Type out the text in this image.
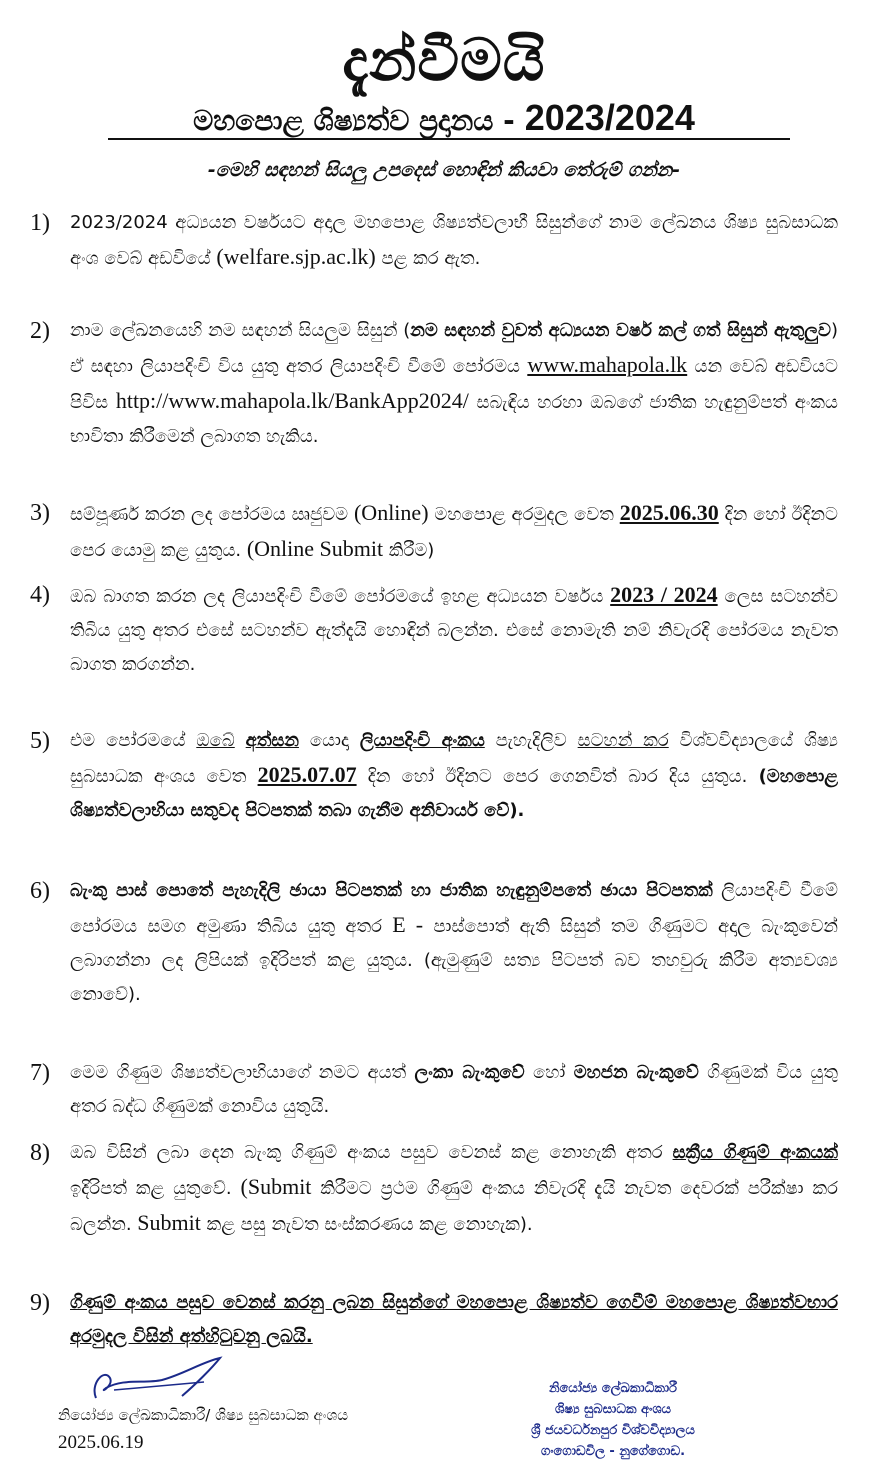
දැන්වීමයි
මහපොළ ශිෂ්‍යත්ව ප්‍රදානය - 2023/2024
-මෙහි සඳහන් සියලු උපදෙස් හොඳින් කියවා තේරුම් ගන්න-
1) 2023/2024 අධ්‍යයන වර්ෂයට අදාල මහපොළ ශිෂ්‍යත්වලාභී සිසුන්ගේ නාම ලේඛනය ශිෂ්‍ය සුබසාධක අංශ වෙබ් අඩවියේ (welfare.sjp.ac.lk) පළ කර ඇත.
2) නාම ලේඛනයෙහි නම සඳහන් සියලුම සිසුන් (නම සඳහන් වුවත් අධ්‍යයන වර්ෂ කල් ගත් සිසුන් ඇතුලුව) ඒ සඳහා ලියාපදිංචි විය යුතු අතර ලියාපදිංචි වීමේ පෝරමය www.mahapola.lk යන වෙබ් අඩවියට පිවිස http://www.mahapola.lk/BankApp2024/ සබැඳිය හරහා ඔබගේ ජාතික හැඳුනුම්පත් අංකය භාවිතා කිරීමෙන් ලබාගත හැකිය.
3) සම්පූර්ණ කරන ලද පෝරමය ඍජුවම (Online) මහපොළ අරමුදල වෙත 2025.06.30 දින හෝ ඊදිනට පෙර යොමු කළ යුතුය. (Online Submit කිරීම)
4) ඔබ බාගත කරන ලද ලියාපදිංචි වීමේ පෝරමයේ ඉහළ අධ්‍යයන වර්ෂය 2023 / 2024 ලෙස සටහන්ව තිබිය යුතු අතර එසේ සටහන්ව ඇත්දැයි හොඳින් බලන්න. එසේ නොමැති නම් නිවැරදි පෝරමය නැවත බාගත කරගන්න.
5) එම පෝරමයේ ඔබේ අත්සන යොදා ලියාපදිංචි අංකය පැහැදිලිව සටහන් කර විශ්වවිද්‍යාලයේ ශිෂ්‍ය සුබසාධක අංශය වෙත 2025.07.07 දින හෝ ඊදිනට පෙර ගෙනවිත් බාර දිය යුතුය. (මහපොළ ශිෂ්‍යත්වලාභියා සතුවද පිටපතක් තබා ගැනීම අනිවාර්ය වේ).
6) බැංකු පාස් පොතේ පැහැදිලි ඡායා පිටපතක් හා ජාතික හැඳුනුම්පතේ ඡායා පිටපතක් ලියාපදිංචි වීමේ පෝරමය සමග අමුණා තිබිය යුතු අතර E - පාස්පොත් ඇති සිසුන් තම ගිණුමට අදාල බැංකුවෙන් ලබාගන්නා ලද ලිපියක් ඉදිරිපත් කළ යුතුය. (ඇමුණුම් සත්‍ය පිටපත් බව තහවුරු කිරීම අත්‍යවශ්‍ය නොවේ).
7) මෙම ගිණුම ශිෂ්‍යත්වලාභියාගේ නමට අයත් ලංකා බැංකුවේ හෝ මහජන බැංකුවේ ගිණුමක් විය යුතු අතර බද්ධ ගිණුමක් නොවිය යුතුයි.
8) ඔබ විසින් ලබා දෙන බැංකු ගිණුම් අංකය පසුව වෙනස් කළ නොහැකි අතර සක්‍රීය ගිණුම් අංකයක් ඉදිරිපත් කළ යුතුවේ. (Submit කිරීමට ප්‍රථම ගිණුම් අංකය නිවැරදි දැයි නැවත දෙවරක් පරීක්ෂා කර බලන්න. Submit කළ පසු නැවත සංස්කරණය කළ නොහැක).
9) ගිණුම් අංකය පසුව වෙනස් කරනු ලබන සිසුන්ගේ මහපොළ ශිෂ්‍යත්ව ගෙවීම් මහපොළ ශිෂ්‍යත්වභාර අරමුදල විසින් අත්හිටුවනු ලබයි.
නියෝජ්‍ය ලේඛකාධිකාරී/ ශිෂ්‍ය සුබසාධක අංශය
2025.06.19
නියෝජ්‍ය ලේඛකාධිකාරී
ශිෂ්‍ය සුබසාධක අංශය
ශ්‍රී ජයවර්ධනපුර විශ්වවිද්‍යාලය
ගංගොඩවිල - නුගේගොඩ.
